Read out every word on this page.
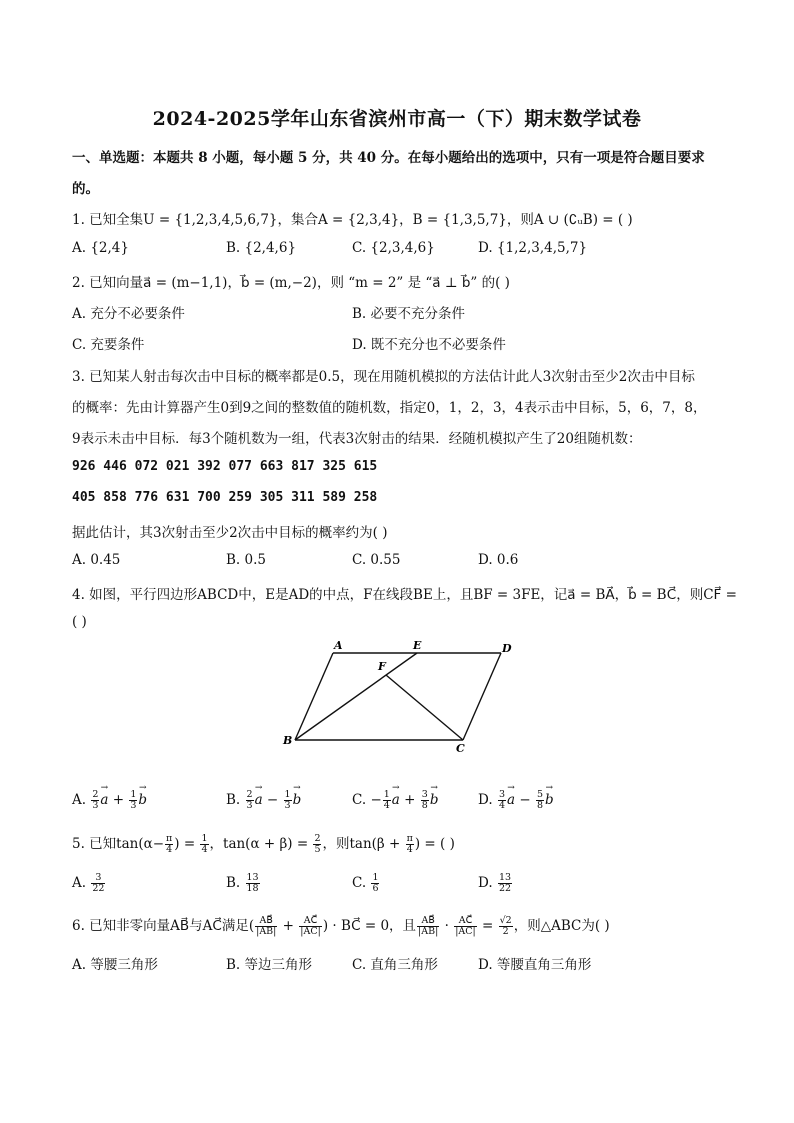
2024-2025学年山东省滨州市高一（下）期末数学试卷
一、单选题：本题共 8 小题，每小题 5 分，共 40 分。在每小题给出的选项中，只有一项是符合题目要求
的。
1. 已知全集U = {1,2,3,4,5,6,7}，集合A = {2,3,4}，B = {1,3,5,7}，则A ∪ (∁ᵤB) = ( )
A. {2,4}	B. {2,4,6}	C. {2,3,4,6}	D. {1,2,3,4,5,7}
2. 已知向量a⃗ = (m−1,1)，b⃗ = (m,−2)，则 “m = 2” 是 “a⃗ ⊥ b⃗” 的( )
A. 充分不必要条件	B. 必要不充分条件
C. 充要条件	D. 既不充分也不必要条件
3. 已知某人射击每次击中目标的概率都是0.5，现在用随机模拟的方法估计此人3次射击至少2次击中目标
的概率：先由计算器产生0到9之间的整数值的随机数，指定0，1，2，3，4表示击中目标，5，6，7，8，
9表示未击中目标．每3个随机数为一组，代表3次射击的结果．经随机模拟产生了20组随机数：
926 446 072 021 392 077 663 817 325 615
405 858 776 631 700 259 305 311 589 258
据此估计，其3次射击至少2次击中目标的概率约为( )
A. 0.45	B. 0.5	C. 0.55	D. 0.6
4. 如图，平行四边形ABCD中，E是AD的中点，F在线段BE上，且BF = 3FE，记a⃗ = BA⃗，b⃗ = BC⃗，则CF⃗ =
( )
A	E	D
F
B
C
A. $\frac{2}{3}$
→ $a + \frac{1}{3}$
→ b	B. $\frac{2}{3}$
→ $a - \frac{1}{3}$
→ b	C. − $\frac{1}{4}$
→ $a + \frac{3}{8}$
→ b	D. $\frac{3}{4}$
→ $a - \frac{5}{8}$
→ b
5. 已知$\tan(\alpha- \frac{\pi}{4}$ ) = $\frac{1}{4}$ ，$\tan(\alpha + \beta) = \frac{2}{5}$ ，则$\tan(\beta + \frac{\pi}{4}$ ) = ( )
A. $\frac{3}{22}$	B. $\frac{13}{18}$	C. $\frac{1}{6}$	D. $\frac{13}{22}$
6. 已知非零向量AB⃗与AC⃗满足( $\frac{AB⃗}{|AB|} + \frac{AC⃗}{|AC|}$ ) · BC⃗ = 0，且 $\frac{AB⃗}{|AB|} \cdot \frac{AC⃗}{|AC|} = \frac{√2}{2}$ ，则△ABC为( )
A. 等腰三角形	B. 等边三角形	C. 直角三角形	D. 等腰直角三角形
